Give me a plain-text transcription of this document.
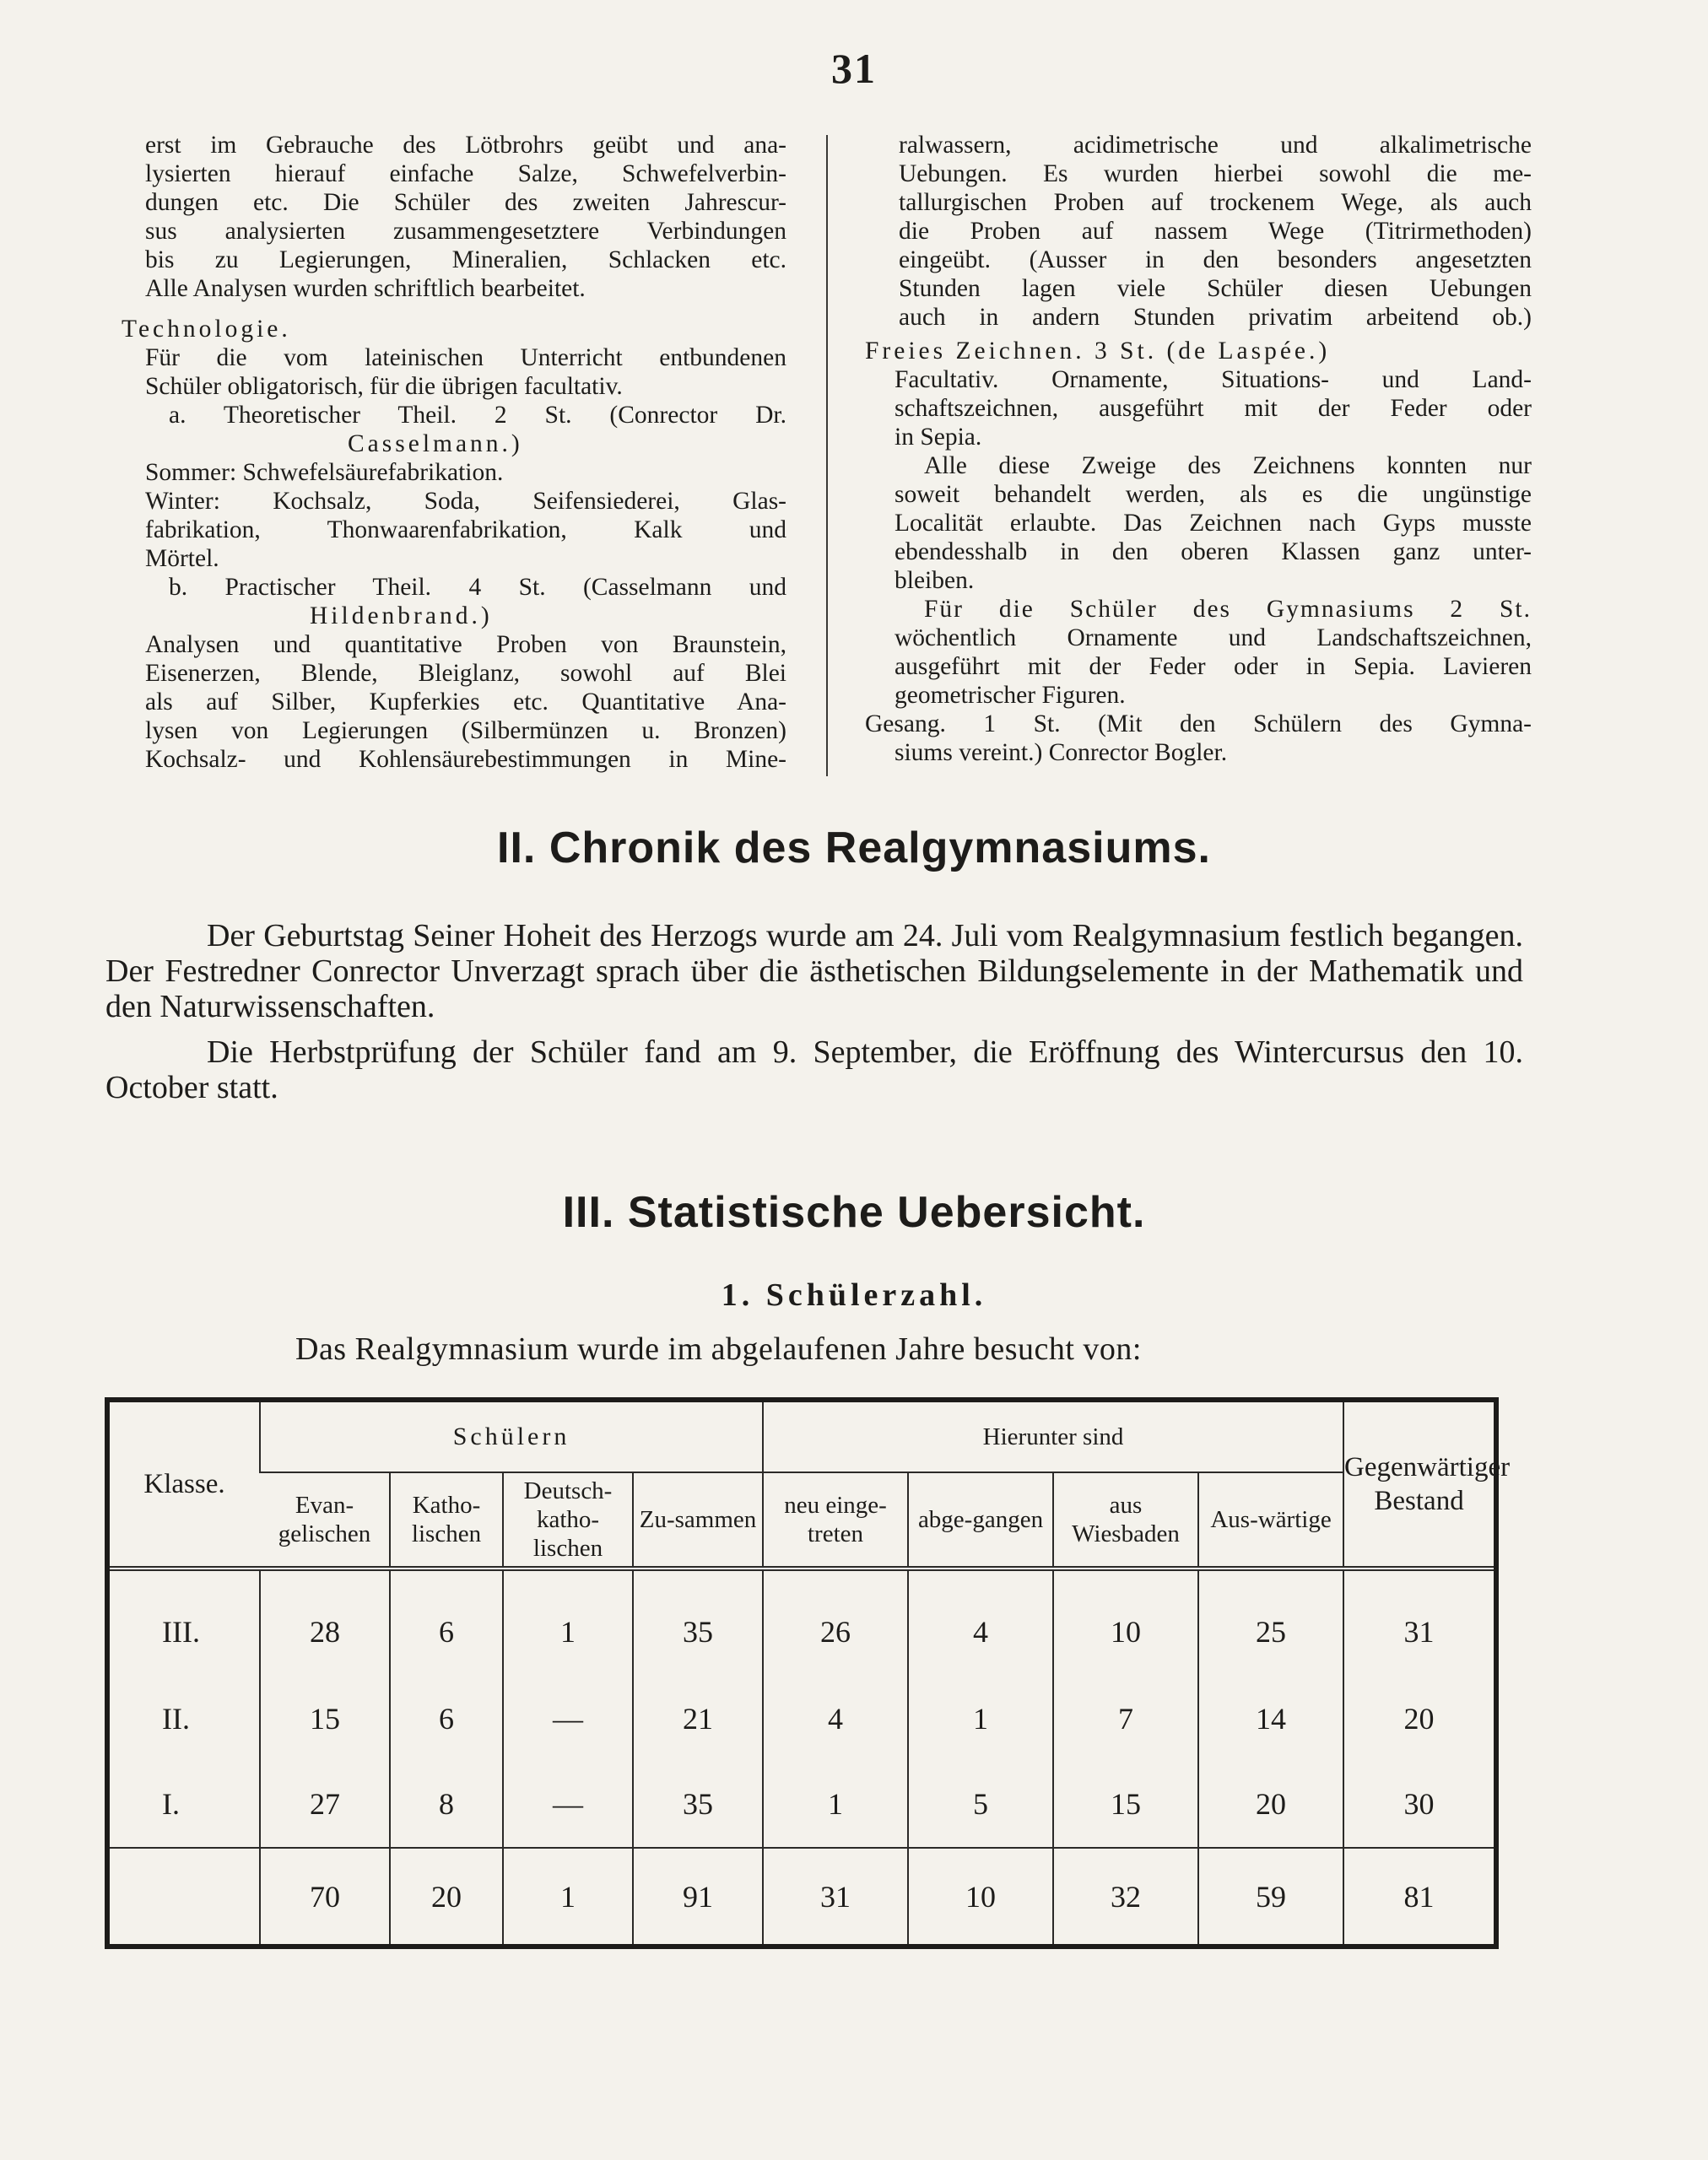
31

erst im Gebrauche des Lötbrohrs geübt und ana-

lysierten hierauf einfache Salze, Schwefelverbin-

dungen etc. Die Schüler des zweiten Jahrescur-

sus analysierten zusammengesetztere Verbindungen

bis zu Legierungen, Mineralien, Schlacken etc.

Alle Analysen wurden schriftlich bearbeitet.

Technologie.

Für die vom lateinischen Unterricht entbundenen

Schüler obligatorisch, für die übrigen facultativ.

a. Theoretischer Theil. 2 St. (Conrector Dr.

Casselmann.)

Sommer: Schwefelsäurefabrikation.

Winter: Kochsalz, Soda, Seifensiederei, Glas-

fabrikation, Thonwaarenfabrikation, Kalk und

Mörtel.

b. Practischer Theil. 4 St. (Casselmann und

Hildenbrand.)

Analysen und quantitative Proben von Braunstein,

Eisenerzen, Blende, Bleiglanz, sowohl auf Blei

als auf Silber, Kupferkies etc. Quantitative Ana-

lysen von Legierungen (Silbermünzen u. Bronzen)

Kochsalz- und Kohlensäurebestimmungen in Mine-

ralwassern, acidimetrische und alkalimetrische

Uebungen. Es wurden hierbei sowohl die me-

tallurgischen Proben auf trockenem Wege, als auch

die Proben auf nassem Wege (Titrirmethoden)

eingeübt. (Ausser in den besonders angesetzten

Stunden lagen viele Schüler diesen Uebungen

auch in andern Stunden privatim arbeitend ob.)

Freies Zeichnen. 3 St. (de Laspée.)

Facultativ. Ornamente, Situations- und Land-

schaftszeichnen, ausgeführt mit der Feder oder

in Sepia.

Alle diese Zweige des Zeichnens konnten nur

soweit behandelt werden, als es die ungünstige

Localität erlaubte. Das Zeichnen nach Gyps musste

ebendesshalb in den oberen Klassen ganz unter-

bleiben.

Für die Schüler des Gymnasiums 2 St.

wöchentlich Ornamente und Landschaftszeichnen,

ausgeführt mit der Feder oder in Sepia. Lavieren

geometrischer Figuren.

Gesang. 1 St. (Mit den Schülern des Gymna-

siums vereint.) Conrector Bogler.

II. Chronik des Realgymnasiums.

Der Geburtstag Seiner Hoheit des Herzogs wurde am 24. Juli vom Realgymnasium festlich begangen. Der Festredner Conrector Unverzagt sprach über die ästhetischen Bildungselemente in der Mathematik und den Naturwissenschaften.

Die Herbstprüfung der Schüler fand am 9. September, die Eröffnung des Wintercursus den 10. October statt.

III. Statistische Uebersicht.
1. Schülerzahl.
Das Realgymnasium wurde im abgelaufenen Jahre besucht von:
Klasse.	Schülern				Hierunter sind				Gegenwärtiger Bestand
	Evan-gelischen	Katho-lischen	Deutsch-katho-lischen	Zu-sammen	neu einge-treten	abge-gangen	aus Wiesbaden	Aus-wärtige	
III.	28	6	1	35	26	4	10	25	31
II.	15	6	—	21	4	1	7	14	20
I.	27	8	—	35	1	5	15	20	30
	70	20	1	91	31	10	32	59	81
